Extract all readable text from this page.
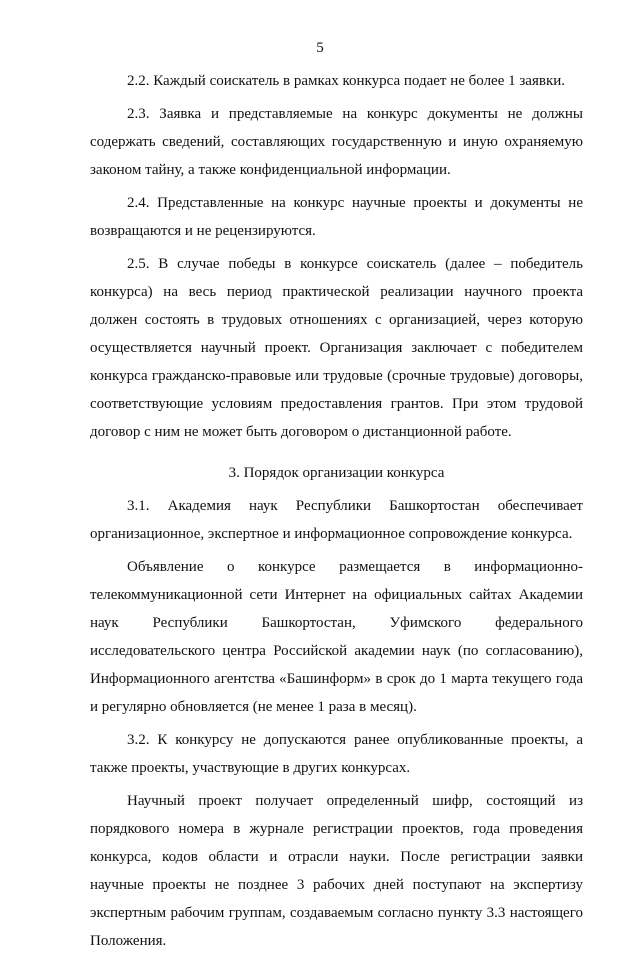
5

2.2. Каждый соискатель в рамках конкурса подает не более 1 заявки.

2.3. Заявка и представляемые на конкурс документы не должны содержать сведений, составляющих государственную и иную охраняемую законом тайну, а также конфиденциальной информации.

2.4. Представленные на конкурс научные проекты и документы не возвращаются и не рецензируются.

2.5. В случае победы в конкурсе соискатель (далее – победитель конкурса) на весь период практической реализации научного проекта должен состоять в трудовых отношениях с организацией, через которую осуществляется научный проект. Организация заключает с победителем конкурса гражданско-правовые или трудовые (срочные трудовые) договоры, соответствующие условиям предоставления грантов. При этом трудовой договор с ним не может быть договором о дистанционной работе.

3. Порядок организации конкурса

3.1. Академия наук Республики Башкортостан обеспечивает организационное, экспертное и информационное сопровождение конкурса.

Объявление о конкурсе размещается в информационно-телекоммуникационной сети Интернет на официальных сайтах Академии наук Республики Башкортостан, Уфимского федерального исследовательского центра Российской академии наук (по согласованию), Информационного агентства «Башинформ» в срок до 1 марта текущего года и регулярно обновляется (не менее 1 раза в месяц).

3.2. К конкурсу не допускаются ранее опубликованные проекты, а также проекты, участвующие в других конкурсах.

Научный проект получает определенный шифр, состоящий из порядкового номера в журнале регистрации проектов, года проведения конкурса, кодов области и отрасли науки. После регистрации заявки научные проекты не позднее 3 рабочих дней поступают на экспертизу экспертным рабочим группам, создаваемым согласно пункту 3.3 настоящего Положения.
